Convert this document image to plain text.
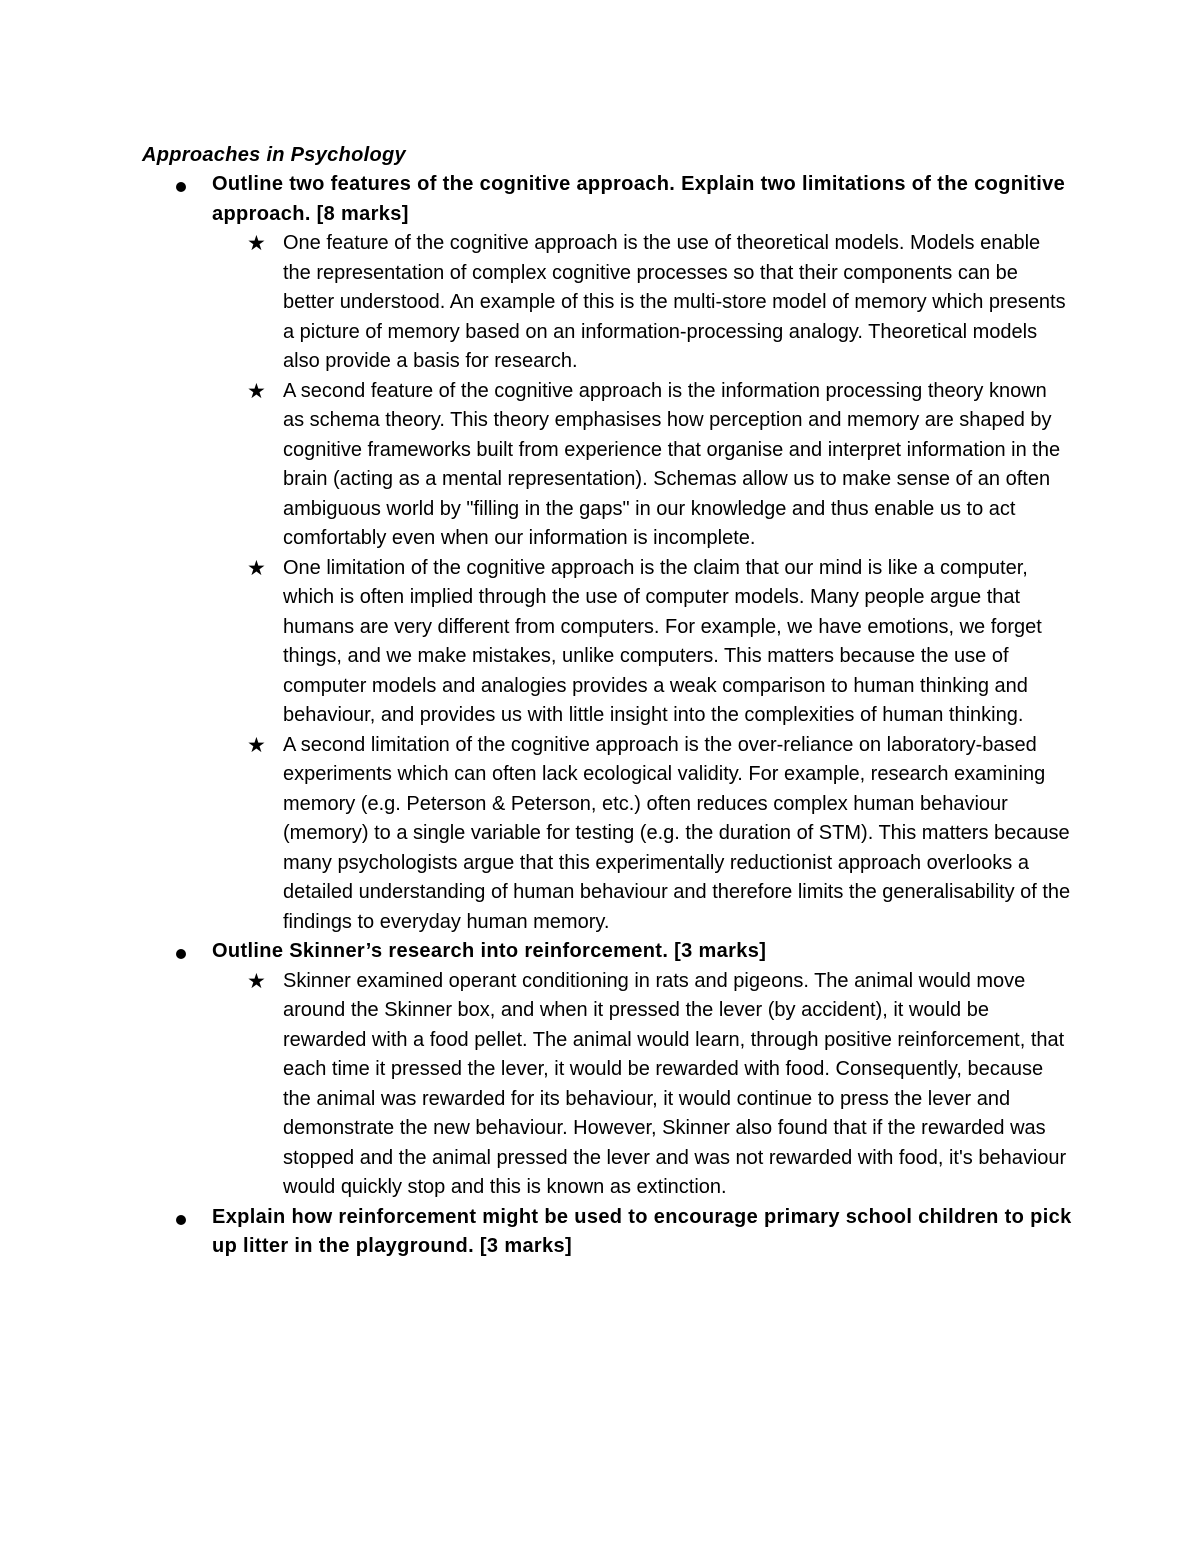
Approaches in Psychology
Outline two features of the cognitive approach. Explain two limitations of the cognitive approach. [8 marks]
★ One feature of the cognitive approach is the use of theoretical models. Models enable the representation of complex cognitive processes so that their components can be better understood. An example of this is the multi-store model of memory which presents a picture of memory based on an information-processing analogy. Theoretical models also provide a basis for research.
★ A second feature of the cognitive approach is the information processing theory known as schema theory. This theory emphasises how perception and memory are shaped by cognitive frameworks built from experience that organise and interpret information in the brain (acting as a mental representation). Schemas allow us to make sense of an often ambiguous world by "filling in the gaps" in our knowledge and thus enable us to act comfortably even when our information is incomplete.
★ One limitation of the cognitive approach is the claim that our mind is like a computer, which is often implied through the use of computer models. Many people argue that humans are very different from computers. For example, we have emotions, we forget things, and we make mistakes, unlike computers. This matters because the use of computer models and analogies provides a weak comparison to human thinking and behaviour, and provides us with little insight into the complexities of human thinking.
★ A second limitation of the cognitive approach is the over-reliance on laboratory-based experiments which can often lack ecological validity. For example, research examining memory (e.g. Peterson & Peterson, etc.) often reduces complex human behaviour (memory) to a single variable for testing (e.g. the duration of STM). This matters because many psychologists argue that this experimentally reductionist approach overlooks a detailed understanding of human behaviour and therefore limits the generalisability of the findings to everyday human memory.
Outline Skinner’s research into reinforcement. [3 marks]
★ Skinner examined operant conditioning in rats and pigeons. The animal would move around the Skinner box, and when it pressed the lever (by accident), it would be rewarded with a food pellet. The animal would learn, through positive reinforcement, that each time it pressed the lever, it would be rewarded with food. Consequently, because the animal was rewarded for its behaviour, it would continue to press the lever and demonstrate the new behaviour. However, Skinner also found that if the rewarded was stopped and the animal pressed the lever and was not rewarded with food, it's behaviour would quickly stop and this is known as extinction.
Explain how reinforcement might be used to encourage primary school children to pick up litter in the playground. [3 marks]
